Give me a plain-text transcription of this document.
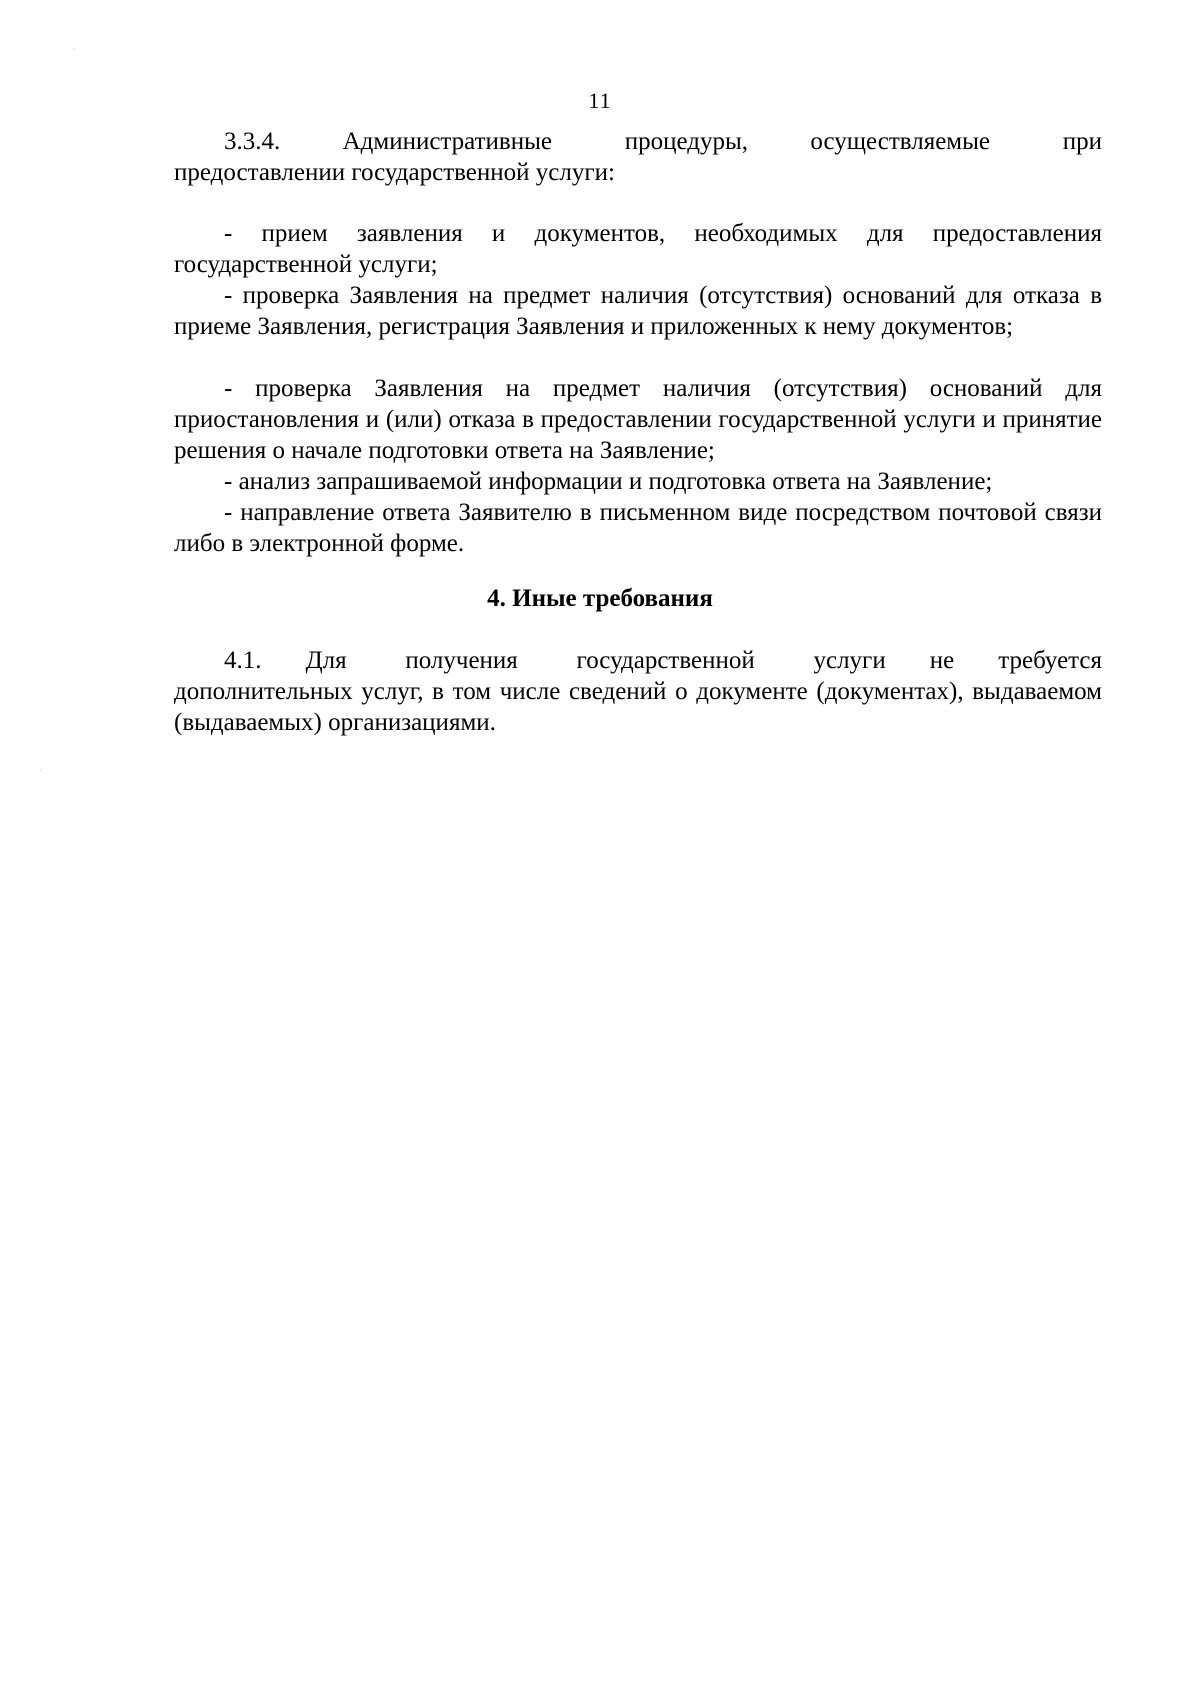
11

3.3.4.      Административные       процедуры,      осуществляемые       при предоставлении государственной услуги:

- прием заявления и документов, необходимых для предоставления государственной услуги;

- проверка Заявления на предмет наличия (отсутствия) оснований для отказа в приеме Заявления, регистрация Заявления и приложенных к нему документов;

- проверка Заявления на предмет наличия (отсутствия) оснований для приостановления и (или) отказа в предоставлении государственной услуги и принятие решения о начале подготовки ответа на Заявление;

- анализ запрашиваемой информации и подготовка ответа на Заявление;

- направление ответа Заявителю в письменном виде посредством почтовой связи либо в электронной форме.

4. Иные требования

4.1.   Для    получения    государственной    услуги   не   требуется дополнительных услуг, в том числе сведений о документе (документах), выдаваемом (выдаваемых) организациями.
